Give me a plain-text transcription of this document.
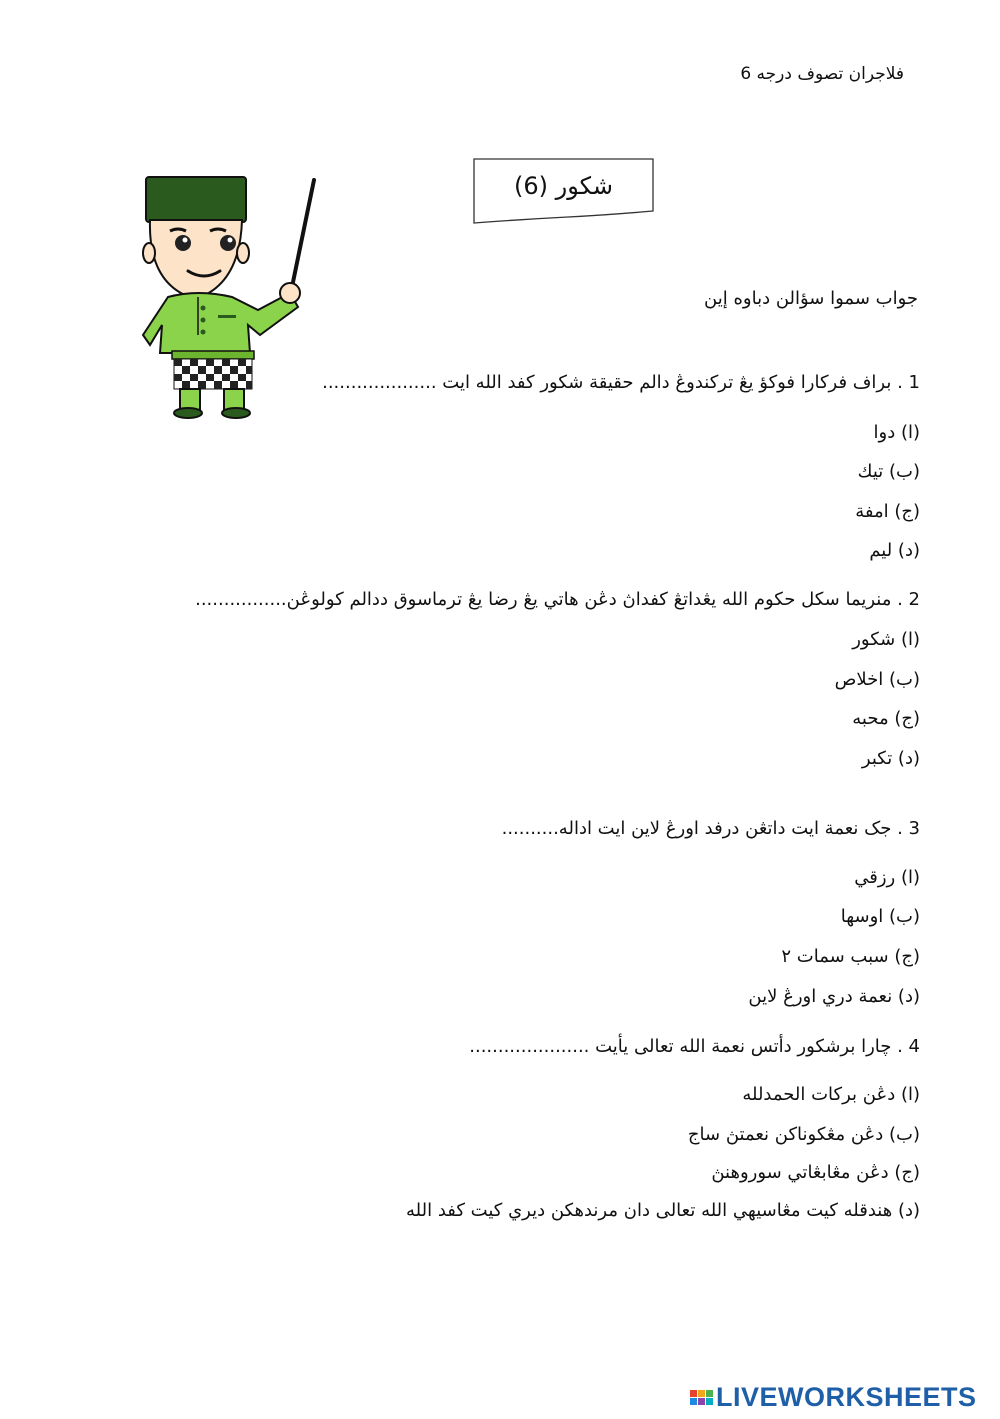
فلاجران تصوف درجه 6
شكور (6)
جواب سموا سؤالن دباوه إين
1 . براف فركارا فوكؤ يڠ تركندوڠ دالم حقيقة شكور كفد الله ايت ....................
(ا) دوا
(ب) تيك
(ج) امفة
(د) ليم
2 . منريما سكل حكوم الله يڠداتڠ كفداڽ دڠن هاتي يڠ رضا يڠ ترماسوق ددالم كولوڠن................
(ا) شكور
(ب) اخلاص
(ج) محبه
(د) تكبر
3 . جک نعمة ايت داتڠن درفد اورڠ لاين ايت اداله..........
(ا) رزقي
(ب) اوسها
(ج) سبب سمات ٢
(د) نعمة دري اورڠ لاين
4 . چارا برشكور دأتس نعمة الله تعالى يأيت .....................
(ا) دڠن بركات الحمدلله
(ب) دڠن مڠكوناکن نعمتڽ ساج
(ج) دڠن مڠابڠاتي سوروهنڽ
(د) هندقله كيت مڠاسيهي الله تعالى دان مرندهکن ديري كيت كفد الله
LIVEWORKSHEETS
